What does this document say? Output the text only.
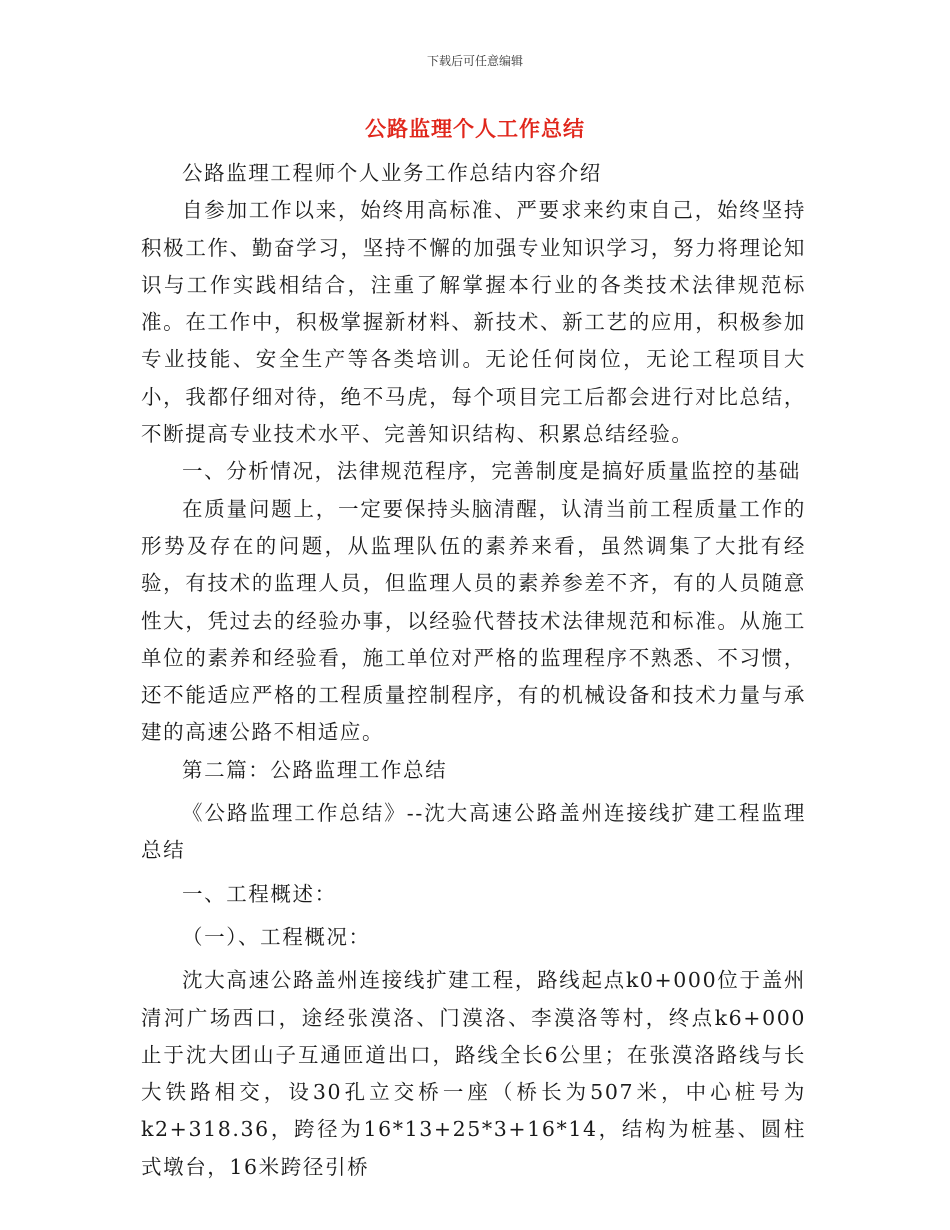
下载后可任意编辑
公路监理个人工作总结

公路监理工程师个人业务工作总结内容介绍

自参加工作以来，始终用高标准、严要求来约束自己，始终坚持积极工作、勤奋学习，坚持不懈的加强专业知识学习，努力将理论知识与工作实践相结合，注重了解掌握本行业的各类技术法律规范标准。在工作中，积极掌握新材料、新技术、新工艺的应用，积极参加专业技能、安全生产等各类培训。无论任何岗位，无论工程项目大小，我都仔细对待，绝不马虎，每个项目完工后都会进行对比总结，不断提高专业技术水平、完善知识结构、积累总结经验。

一、分析情况，法律规范程序，完善制度是搞好质量监控的基础

在质量问题上，一定要保持头脑清醒，认清当前工程质量工作的形势及存在的问题，从监理队伍的素养来看，虽然调集了大批有经验，有技术的监理人员，但监理人员的素养参差不齐，有的人员随意性大，凭过去的经验办事，以经验代替技术法律规范和标准。从施工单位的素养和经验看，施工单位对严格的监理程序不熟悉、不习惯，还不能适应严格的工程质量控制程序，有的机械设备和技术力量与承建的高速公路不相适应。

第二篇：公路监理工作总结

《公路监理工作总结》--沈大高速公路盖州连接线扩建工程监理总结

一、工程概述：

（一）、工程概况：

沈大高速公路盖州连接线扩建工程，路线起点k0+000位于盖州清河广场西口，途经张漠洛、门漠洛、李漠洛等村，终点k6+000止于沈大团山子互通匝道出口，路线全长6公里；在张漠洛路线与长大铁路相交，设30孔立交桥一座（桥长为507米，中心桩号为k2+318.36，跨径为16*13+25*3+16*14，结构为桩基、圆柱式墩台，16米跨径引桥
